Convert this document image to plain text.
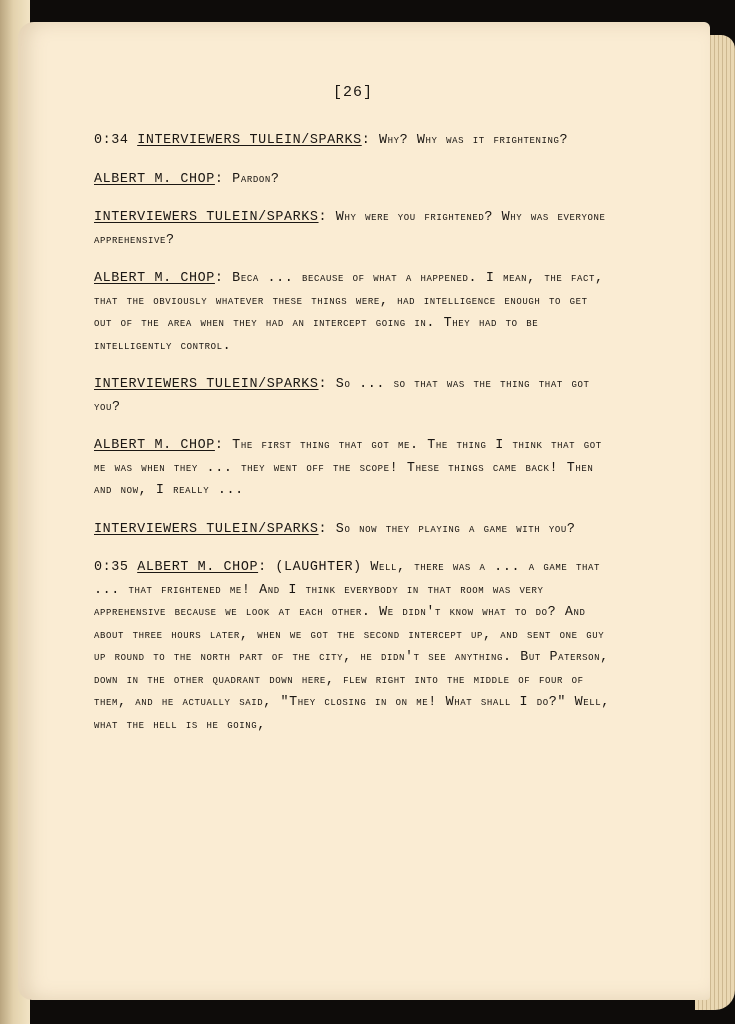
[26]

0:34 INTERVIEWERS TULEIN/SPARKS: Why? Why was it frightening?

ALBERT M. CHOP: Pardon?

INTERVIEWERS TULEIN/SPARKS: Why were you frightened? Why was everyone apprehensive?

ALBERT M. CHOP: Beca ... because of what a happened. I mean, the fact, that the obviously whatever these things were, had intelligence enough to get out of the area when they had an intercept going in. They had to be intelligently control.

INTERVIEWERS TULEIN/SPARKS: So ... so that was the thing that got you?

ALBERT M. CHOP: The first thing that got me. The thing I think that got me was when they ... they went off the scope! These things came back! Then and now, I really ...

INTERVIEWERS TULEIN/SPARKS: So now they playing a game with you?

0:35 ALBERT M. CHOP: (LAUGHTER) Well, there was a ... a game that ... that frightened me! And I think everybody in that room was very apprehensive because we look at each other. We didn't know what to do? And about three hours later, when we got the second intercept up, and sent one guy up round to the north part of the city, he didn't see anything. But Paterson, down in the other quadrant down here, flew right into the middle of four of them, and he actually said, "They closing in on me! What shall I do?" Well, what the hell is he going,
